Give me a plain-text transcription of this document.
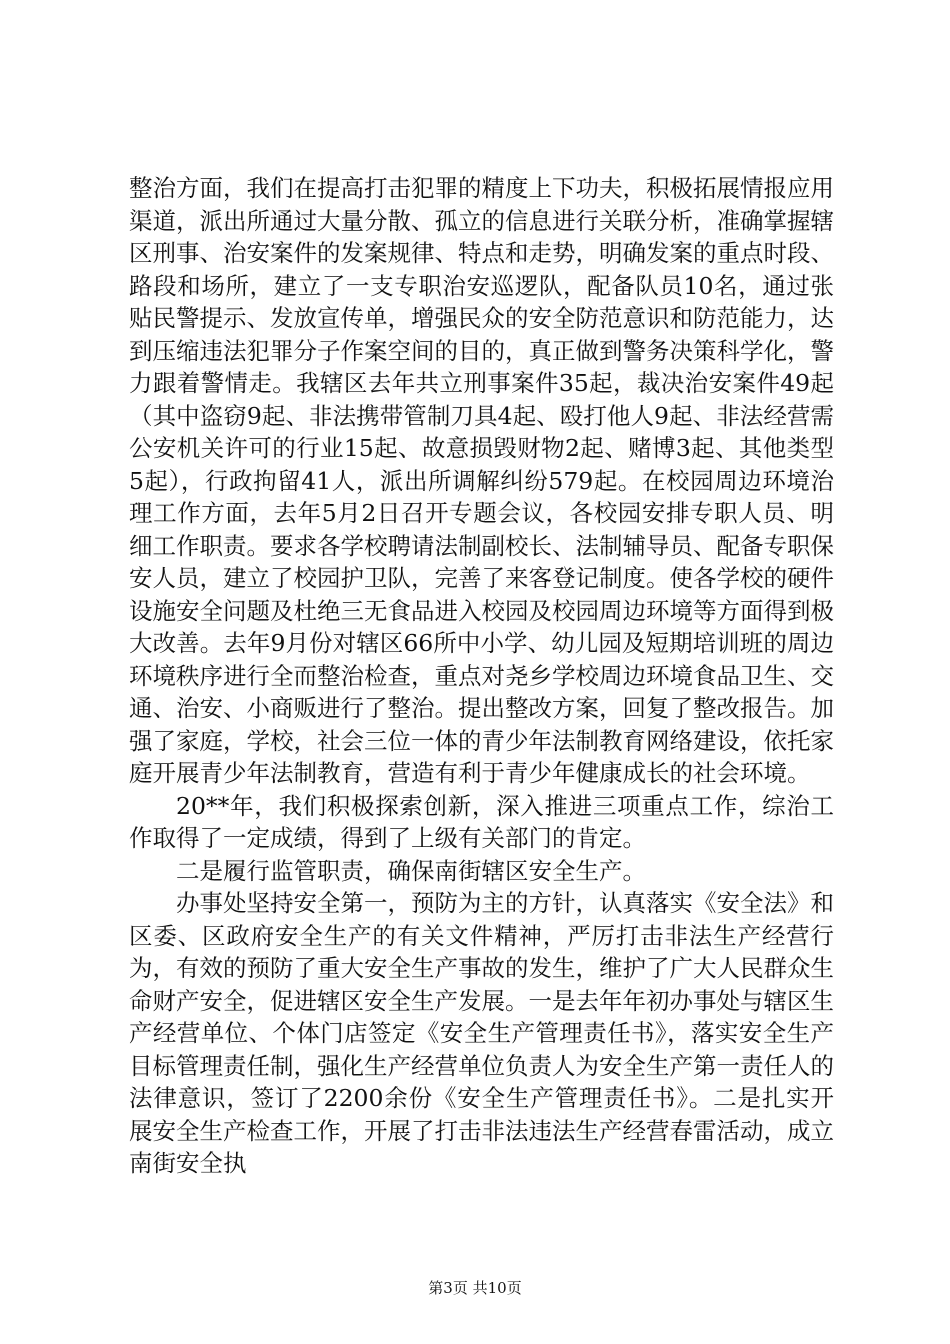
整治方面，我们在提高打击犯罪的精度上下功夫，积极拓展情报应用渠道，派出所通过大量分散、孤立的信息进行关联分析，准确掌握辖区刑事、治安案件的发案规律、特点和走势，明确发案的重点时段、路段和场所，建立了一支专职治安巡逻队，配备队员10名，通过张贴民警提示、发放宣传单，增强民众的安全防范意识和防范能力，达到压缩违法犯罪分子作案空间的目的，真正做到警务决策科学化，警力跟着警情走。我辖区去年共立刑事案件35起，裁决治安案件49起（其中盗窃9起、非法携带管制刀具4起、殴打他人9起、非法经营需公安机关许可的行业15起、故意损毁财物2起、赌博3起、其他类型5起），行政拘留41人，派出所调解纠纷579起。在校园周边环境治理工作方面，去年5月2日召开专题会议，各校园安排专职人员、明细工作职责。要求各学校聘请法制副校长、法制辅导员、配备专职保安人员，建立了校园护卫队，完善了来客登记制度。使各学校的硬件设施安全问题及杜绝三无食品进入校园及校园周边环境等方面得到极大改善。去年9月份对辖区66所中小学、幼儿园及短期培训班的周边环境秩序进行全而整治检查，重点对尧乡学校周边环境食品卫生、交通、治安、小商贩进行了整治。提出整改方案，回复了整改报告。加强了家庭，学校，社会三位一体的青少年法制教育网络建设，依托家庭开展青少年法制教育，营造有利于青少年健康成长的社会环境。

20**年，我们积极探索创新，深入推进三项重点工作，综治工作取得了一定成绩，得到了上级有关部门的肯定。

二是履行监管职责，确保南街辖区安全生产。

办事处坚持安全第一，预防为主的方针，认真落实《安全法》和区委、区政府安全生产的有关文件精神，严厉打击非法生产经营行为，有效的预防了重大安全生产事故的发生，维护了广大人民群众生命财产安全，促进辖区安全生产发展。一是去年年初办事处与辖区生产经营单位、个体门店签定《安全生产管理责任书》，落实安全生产目标管理责任制，强化生产经营单位负责人为安全生产第一责任人的法律意识，签订了2200余份《安全生产管理责任书》。二是扎实开展安全生产检查工作，开展了打击非法违法生产经营春雷活动，成立南街安全执

第3页 共10页
